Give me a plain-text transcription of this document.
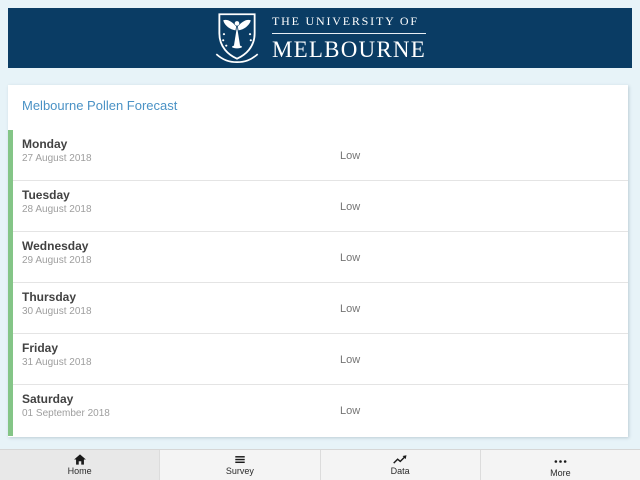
THE UNIVERSITY OF
MELBOURNE
Melbourne Pollen Forecast
Monday
27 August 2018	Low
Tuesday
28 August 2018	Low
Wednesday
29 August 2018	Low
Thursday
30 August 2018	Low
Friday
31 August 2018	Low
Saturday
01 September 2018	Low
Home	Survey	Data	More
